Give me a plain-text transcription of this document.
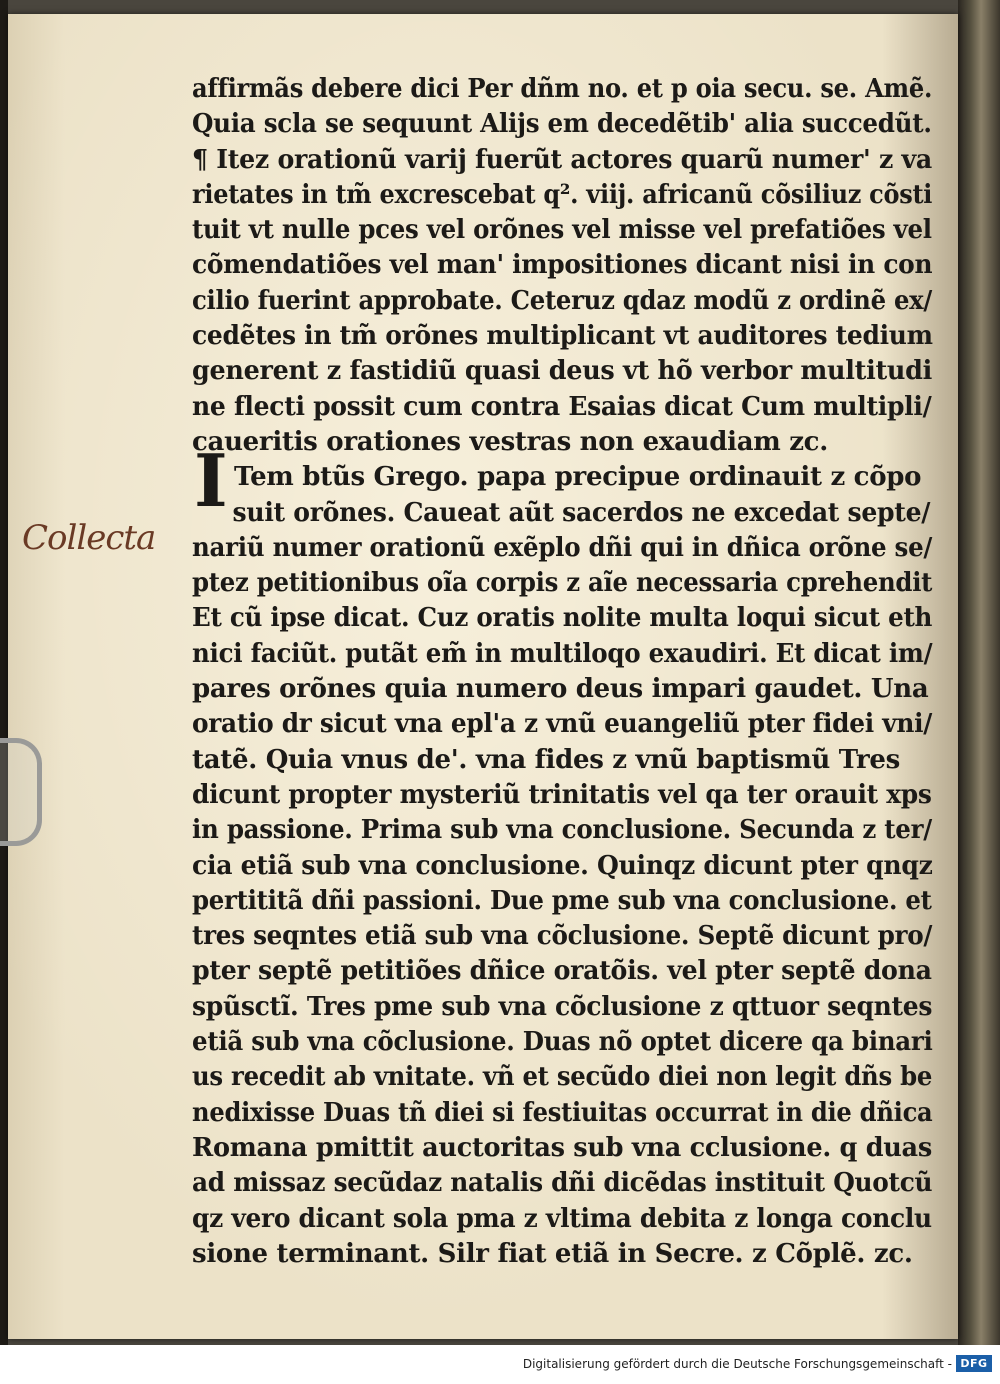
Collecta
I
affirmãs debere dici Per dñm no. et p oia secu. se. Amẽ.
Quia scla se sequunt Alijs em decedẽtib' alia succedũt.
¶ Itez orationũ varij fuerũt actores quarũ numer' z va
rietates in tm̃ excrescebat q². viij. africanũ cõsiliuz cõsti
tuit vt nulle pces vel orõnes vel misse vel prefatiões vel
cõmendatiões vel man' impositiones dicant nisi in con
cilio fuerint approbate. Ceteruz qdaz modũ z ordinẽ ex/
cedẽtes in tm̃ orõnes multiplicant vt auditores tedium
generent z fastidiũ quasi deus vt hõ verbor multitudi
ne flecti possit cum contra Esaias dicat Cum multipli/
caueritis orationes vestras non exaudiam zc.
Tem btũs Grego. papa precipue ordinauit z cõpo
suit orõnes. Caueat aũt sacerdos ne excedat septe/
nariũ numer orationũ exẽplo dñi qui in dñica orõne se/
ptez petitionibus oĩa corpis z aĩe necessaria cprehendit
Et cũ ipse dicat. Cuz oratis nolite multa loqui sicut eth
nici faciũt. putãt em̃ in multiloqo exaudiri. Et dicat im/
pares orõnes quia numero deus impari gaudet. Una
oratio dr sicut vna epl'a z vnũ euangeliũ pter fidei vni/
tatẽ. Quia vnus de'. vna fides z vnũ baptismũ Tres
dicunt propter mysteriũ trinitatis vel qa ter orauit xps
in passione. Prima sub vna conclusione. Secunda z ter/
cia etiã sub vna conclusione. Quinqz dicunt pter qnqz
pertititã dñi passioni. Due pme sub vna conclusione. et
tres seqntes etiã sub vna cõclusione. Septẽ dicunt pro/
pter septẽ petitiões dñice oratõis. vel pter septẽ dona
spũsctĩ. Tres pme sub vna cõclusione z qttuor seqntes
etiã sub vna cõclusione. Duas nõ optet dicere qa binari
us recedit ab vnitate. vñ et secũdo diei non legit dñs be
nedixisse Duas tñ diei si festiuitas occurrat in die dñica
Romana pmittit auctoritas sub vna cclusione. q duas
ad missaz secũdaz natalis dñi dicẽdas instituit Quotcũ
qz vero dicant sola pma z vltima debita z longa conclu
sione terminant. Silr fiat etiã in Secre. z Cõplẽ. zc.
Digitalisierung gefördert durch die Deutsche Forschungsgemeinschaft - DFG
